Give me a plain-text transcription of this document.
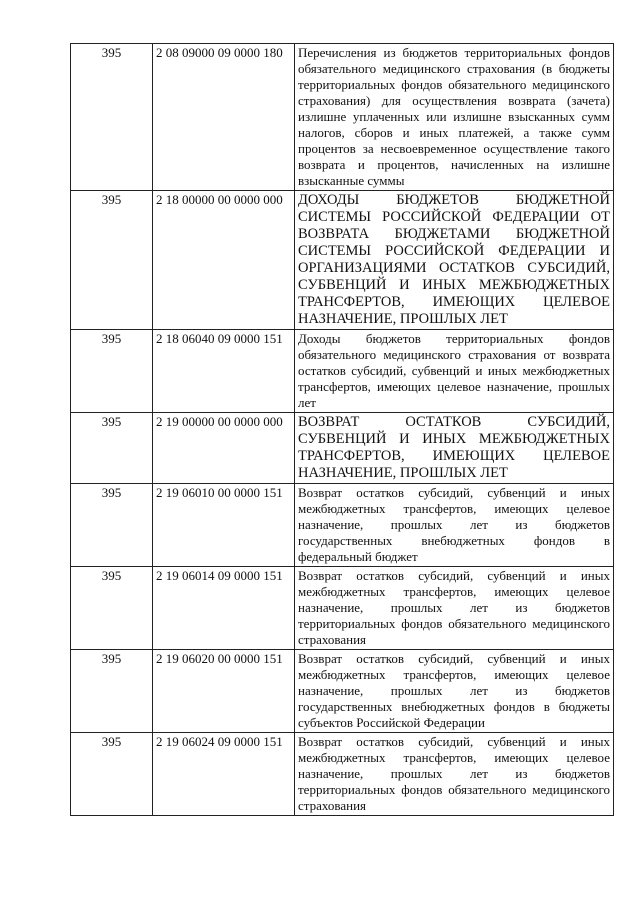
395	2 08 09000 09 0000 180	Перечисления из бюджетов территориальных фондов обязательного медицинского страхования (в бюджеты территориальных фондов обязательного медицинского страхования) для осуществления возврата (зачета) излишне уплаченных или излишне взысканных сумм налогов, сборов и иных платежей, а также сумм процентов за несвоевременное осуществление такого возврата и процентов, начисленных на излишне взысканные суммы
395	2 18 00000 00 0000 000	ДОХОДЫ БЮДЖЕТОВ БЮДЖЕТНОЙ СИСТЕМЫ РОССИЙСКОЙ ФЕДЕРАЦИИ ОТ ВОЗВРАТА БЮДЖЕТАМИ БЮДЖЕТНОЙ СИСТЕМЫ РОССИЙСКОЙ ФЕДЕРАЦИИ И ОРГАНИЗАЦИЯМИ ОСТАТКОВ СУБСИДИЙ, СУБВЕНЦИЙ И ИНЫХ МЕЖБЮДЖЕТНЫХ ТРАНСФЕРТОВ, ИМЕЮЩИХ ЦЕЛЕВОЕ НАЗНАЧЕНИЕ, ПРОШЛЫХ ЛЕТ
395	2 18 06040 09 0000 151	Доходы бюджетов территориальных фондов обязательного медицинского страхования от возврата остатков субсидий, субвенций и иных межбюджетных трансфертов, имеющих целевое назначение, прошлых лет
395	2 19 00000 00 0000 000	ВОЗВРАТ ОСТАТКОВ СУБСИДИЙ, СУБВЕНЦИЙ И ИНЫХ МЕЖБЮДЖЕТНЫХ ТРАНСФЕРТОВ, ИМЕЮЩИХ ЦЕЛЕВОЕ НАЗНАЧЕНИЕ, ПРОШЛЫХ ЛЕТ
395	2 19 06010 00 0000 151	Возврат остатков субсидий, субвенций и иных межбюджетных трансфертов, имеющих целевое назначение, прошлых лет из бюджетов государственных внебюджетных фондов в федеральный бюджет
395	2 19 06014 09 0000 151	Возврат остатков субсидий, субвенций и иных межбюджетных трансфертов, имеющих целевое назначение, прошлых лет из бюджетов территориальных фондов обязательного медицинского страхования
395	2 19 06020 00 0000 151	Возврат остатков субсидий, субвенций и иных межбюджетных трансфертов, имеющих целевое назначение, прошлых лет из бюджетов государственных внебюджетных фондов в бюджеты субъектов Российской Федерации
395	2 19 06024 09 0000 151	Возврат остатков субсидий, субвенций и иных межбюджетных трансфертов, имеющих целевое назначение, прошлых лет из бюджетов территориальных фондов обязательного медицинского страхования
